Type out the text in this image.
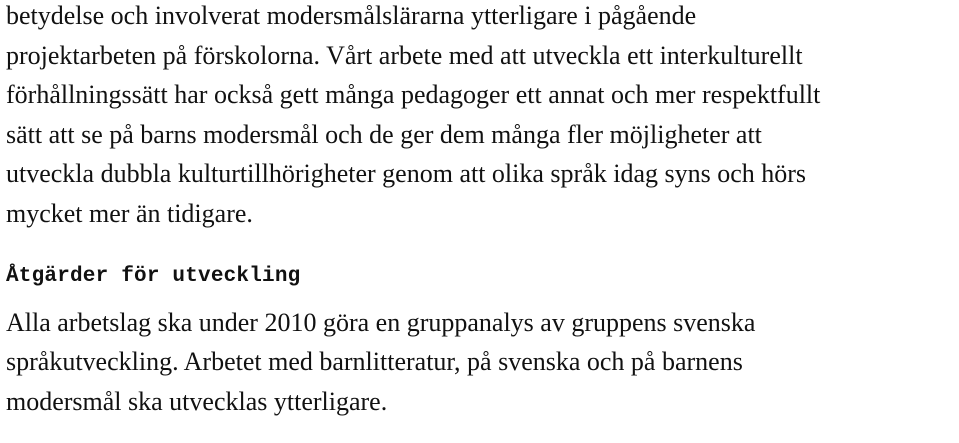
betydelse och involverat modersmålslärarna ytterligare i pågående
projektarbeten på förskolorna. Vårt arbete med att utveckla ett interkulturellt
förhållningssätt har också gett många pedagoger ett annat och mer respektfullt
sätt att se på barns modersmål och de ger dem många fler möjligheter att
utveckla dubbla kulturtillhörigheter genom att olika språk idag syns och hörs
mycket mer än tidigare.

Åtgärder för utveckling

Alla arbetslag ska under 2010 göra en gruppanalys av gruppens svenska
språkutveckling. Arbetet med barnlitteratur, på svenska och på barnens
modersmål ska utvecklas ytterligare.
